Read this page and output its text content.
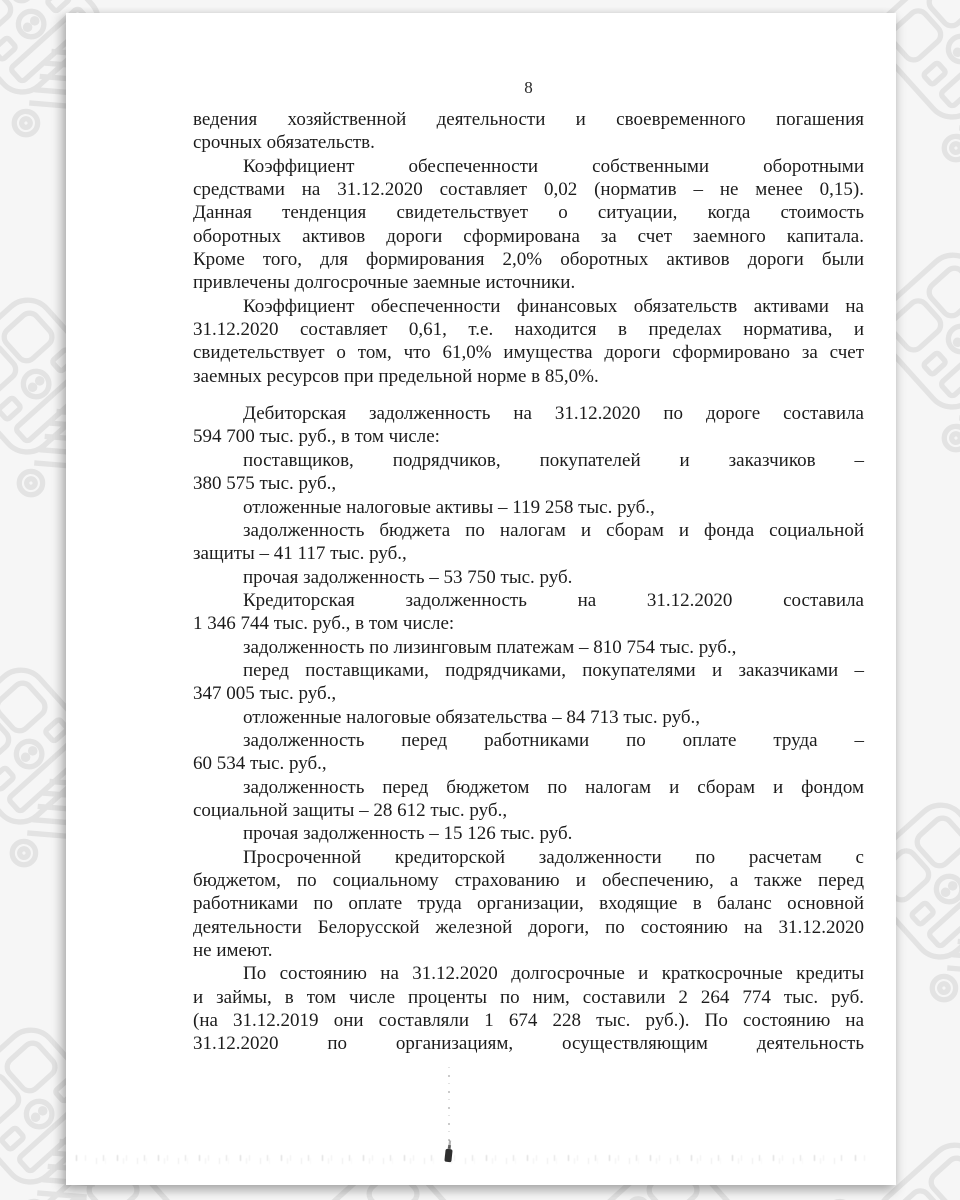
8
ведения хозяйственной деятельности и своевременного погашения
срочных обязательств.
Коэффициент обеспеченности собственными оборотными
средствами на 31.12.2020 составляет 0,02 (норматив – не менее 0,15).
Данная тенденция свидетельствует о ситуации, когда стоимость
оборотных активов дороги сформирована за счет заемного капитала.
Кроме того, для формирования 2,0% оборотных активов дороги были
привлечены долгосрочные заемные источники.
Коэффициент обеспеченности финансовых обязательств активами на
31.12.2020 составляет 0,61, т.е. находится в пределах норматива, и
свидетельствует о том, что 61,0% имущества дороги сформировано за счет
заемных ресурсов при предельной норме в 85,0%.
Дебиторская задолженность на 31.12.2020 по дороге составила
594 700 тыс. руб., в том числе:
поставщиков, подрядчиков, покупателей и заказчиков –
380 575 тыс. руб.,
отложенные налоговые активы – 119 258 тыс. руб.,
задолженность бюджета по налогам и сборам и фонда социальной
защиты – 41 117 тыс. руб.,
прочая задолженность – 53 750 тыс. руб.
Кредиторская задолженность на 31.12.2020 составила
1 346 744 тыс. руб., в том числе:
задолженность по лизинговым платежам – 810 754 тыс. руб.,
перед поставщиками, подрядчиками, покупателями и заказчиками –
347 005 тыс. руб.,
отложенные налоговые обязательства – 84 713 тыс. руб.,
задолженность перед работниками по оплате труда –
60 534 тыс. руб.,
задолженность перед бюджетом по налогам и сборам и фондом
социальной защиты – 28 612 тыс. руб.,
прочая задолженность – 15 126 тыс. руб.
Просроченной кредиторской задолженности по расчетам с
бюджетом, по социальному страхованию и обеспечению, а также перед
работниками по оплате труда организации, входящие в баланс основной
деятельности Белорусской железной дороги, по состоянию на 31.12.2020
не имеют.
По состоянию на 31.12.2020 долгосрочные и краткосрочные кредиты
и займы, в том числе проценты по ним, составили 2 264 774 тыс. руб.
(на 31.12.2019 они составляли 1 674 228 тыс. руб.). По состоянию на
31.12.2020 по организациям, осуществляющим деятельность
